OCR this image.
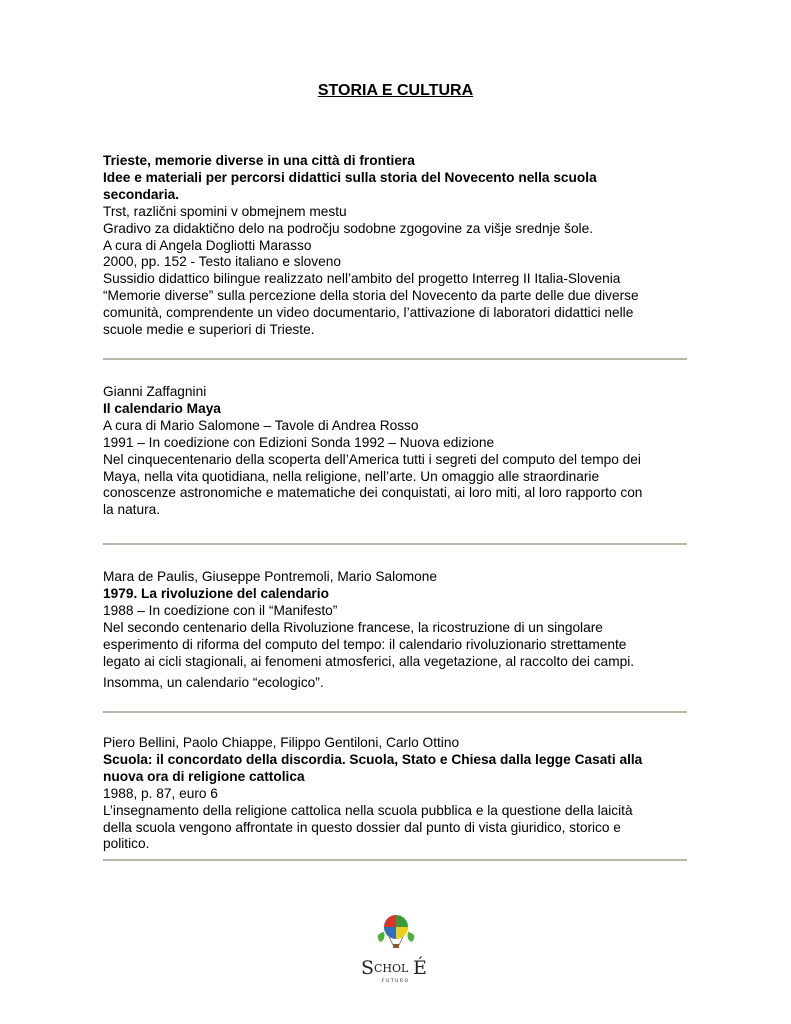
STORIA E CULTURA
Trieste, memorie diverse in una città di frontiera
Idee e materiali per percorsi didattici sulla storia del Novecento nella scuola
secondaria.
Trst, različni spomini v obmejnem mestu
Gradivo za didaktično delo na področju sodobne zgogovine za višje srednje šole.
A cura di Angela Dogliotti Marasso
2000, pp. 152 - Testo italiano e sloveno
Sussidio didattico bilingue realizzato nell’ambito del progetto Interreg II Italia-Slovenia
“Memorie diverse” sulla percezione della storia del Novecento da parte delle due diverse
comunità, comprendente un video documentario, l’attivazione di laboratori didattici nelle
scuole medie e superiori di Trieste.
Gianni Zaffagnini
Il calendario Maya
A cura di Mario Salomone – Tavole di Andrea Rosso
1991 – In coedizione con Edizioni Sonda 1992 – Nuova edizione
Nel cinquecentenario della scoperta dell’America tutti i segreti del computo del tempo dei
Maya, nella vita quotidiana, nella religione, nell’arte. Un omaggio alle straordinarie
conoscenze astronomiche e matematiche dei conquistati, ai loro miti, al loro rapporto con
la natura.
Mara de Paulis, Giuseppe Pontremoli, Mario Salomone
1979. La rivoluzione del calendario
1988 – In coedizione con il “Manifesto”
Nel secondo centenario della Rivoluzione francese, la ricostruzione di un singolare
esperimento di riforma del computo del tempo: il calendario rivoluzionario strettamente
legato ai cicli stagionali, ai fenomeni atmosferici, alla vegetazione, al raccolto dei campi.
Insomma, un calendario “ecologico”.
Piero Bellini, Paolo Chiappe, Filippo Gentiloni, Carlo Ottino
Scuola: il concordato della discordia. Scuola, Stato e Chiesa dalla legge Casati alla
nuova ora di religione cattolica
1988, p. 87, euro 6
L’insegnamento della religione cattolica nella scuola pubblica e la questione della laicità
della scuola vengono affrontate in questo dossier dal punto di vista giuridico, storico e
politico.
S CHOL É
FUTURO
